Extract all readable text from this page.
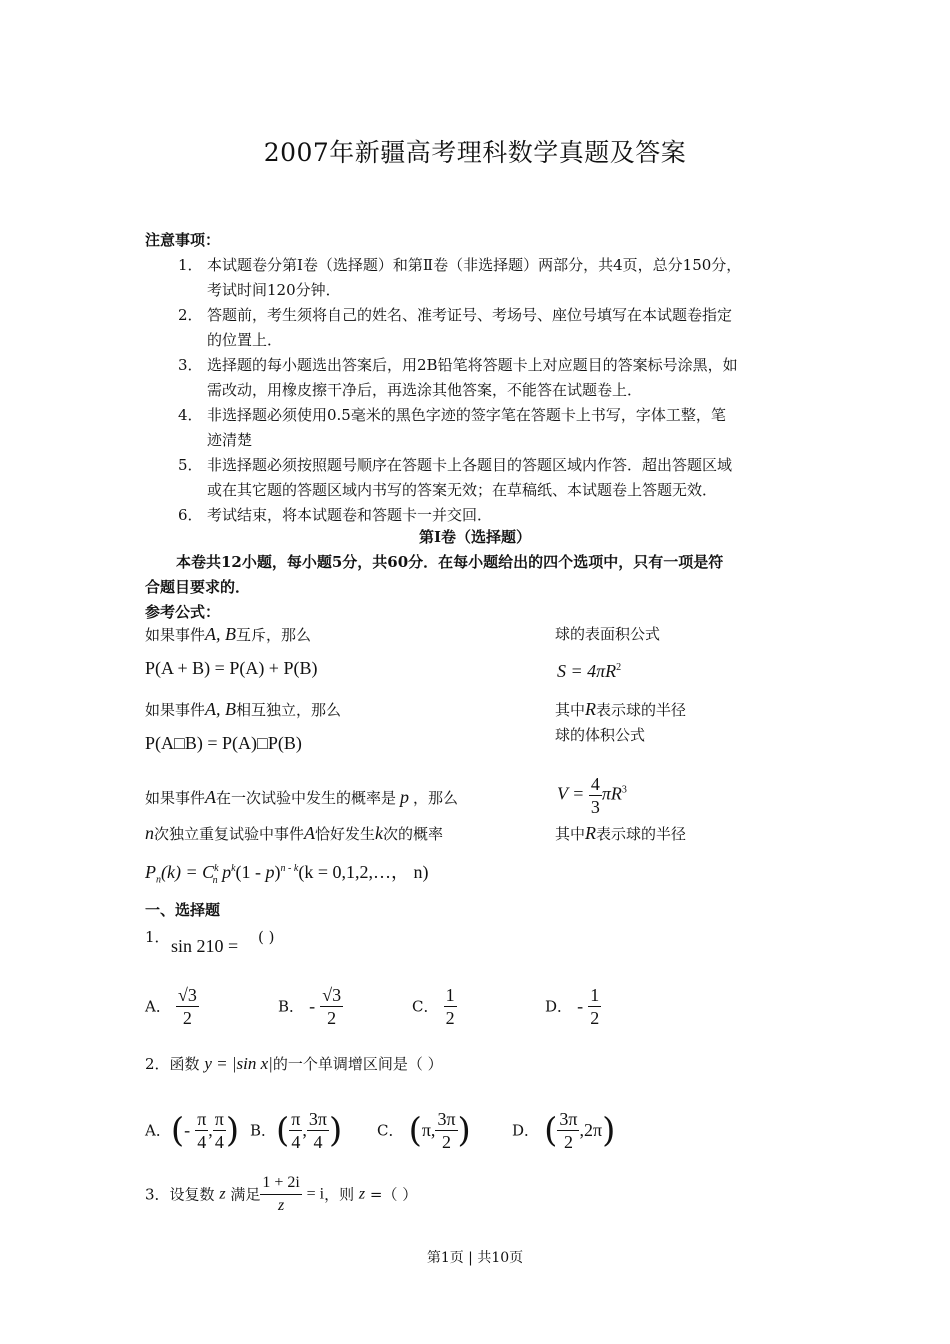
2007年新疆高考理科数学真题及答案
注意事项：
1． 本试题卷分第Ⅰ卷（选择题）和第Ⅱ卷（非选择题）两部分，共4页，总分150分，
考试时间120分钟．
2． 答题前，考生须将自己的姓名、准考证号、考场号、座位号填写在本试题卷指定
的位置上．
3． 选择题的每小题选出答案后，用2B铅笔将答题卡上对应题目的答案标号涂黑，如
需改动，用橡皮擦干净后，再选涂其他答案，不能答在试题卷上．
4． 非选择题必须使用0.5毫米的黑色字迹的签字笔在答题卡上书写，字体工整，笔
迹清楚
5． 非选择题必须按照题号顺序在答题卡上各题目的答题区域内作答．超出答题区域
或在其它题的答题区域内书写的答案无效；在草稿纸、本试题卷上答题无效．
6． 考试结束，将本试题卷和答题卡一并交回．
第Ⅰ卷（选择题）
本卷共12小题，每小题5分，共60分．在每小题给出的四个选项中，只有一项是符
合题目要求的．
参考公式：
如果事件A, B互斥，那么
P(A + B) = P(A) + P(B)
如果事件A, B相互独立，那么
P(A□B) = P(A)□P(B)
如果事件A在一次试验中发生的概率是 p ，那么
n次独立重复试验中事件A恰好发生k次的概率
$P_n(k) = C^k_n$ $p^k(1 - p)^{n - k}(k$ = 0,1,2,…， n)
球的表面积公式
$S = 4\pi R^2$
其中R表示球的半径
球的体积公式
$V = \frac{4}{3} \pi R^3$
其中R表示球的半径
一、选择题
1． sin 210 = ( )
A． $\frac{√3}{2}$	B． - $\frac{√3}{2}$	C． $\frac{1}{2}$	D． - $\frac{1}{2}$
2．函数 y = |sin x|的一个单调增区间是（ ）
A．(- $\frac{\pi}{4}$ , $\frac{\pi}{4}$ ) B．( $\frac{\pi}{4}$ , $\frac{3\pi}{4}$ ) C． (π, $\frac{3\pi}{2}$ )	D． ( $\frac{3\pi}{2} ,2\pi$)
3．设复数 z 满足 $\frac{1 + 2i}{z} = i$，则 z =（ ）
第1页 | 共10页
